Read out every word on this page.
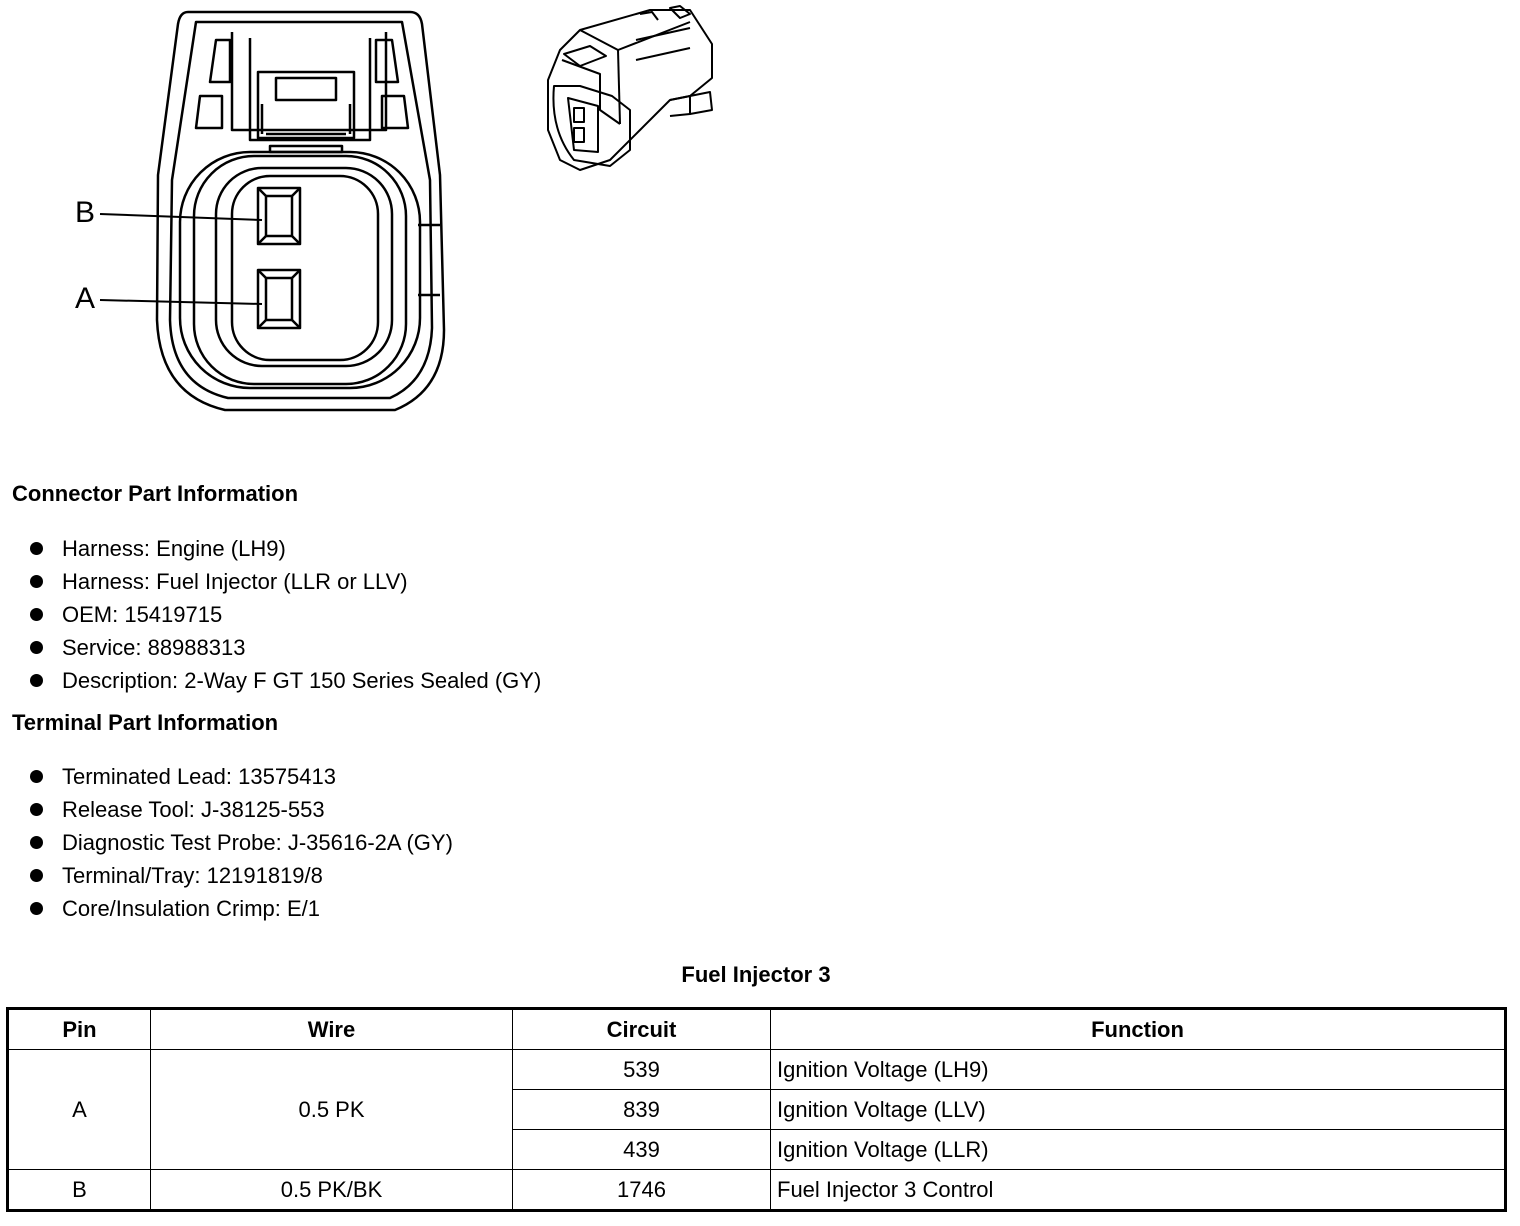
B
A
Connector Part Information
Harness: Engine (LH9)
Harness: Fuel Injector (LLR or LLV)
OEM: 15419715
Service: 88988313
Description: 2-Way F GT 150 Series Sealed (GY)
Terminal Part Information
Terminated Lead: 13575413
Release Tool: J-38125-553
Diagnostic Test Probe: J-35616-2A (GY)
Terminal/Tray: 12191819/8
Core/Insulation Crimp: E/1
Fuel Injector 3
Pin	Wire	Circuit	Function
A	0.5 PK	539	Ignition Voltage (LH9)
		839	Ignition Voltage (LLV)
		439	Ignition Voltage (LLR)
B	0.5 PK/BK	1746	Fuel Injector 3 Control
